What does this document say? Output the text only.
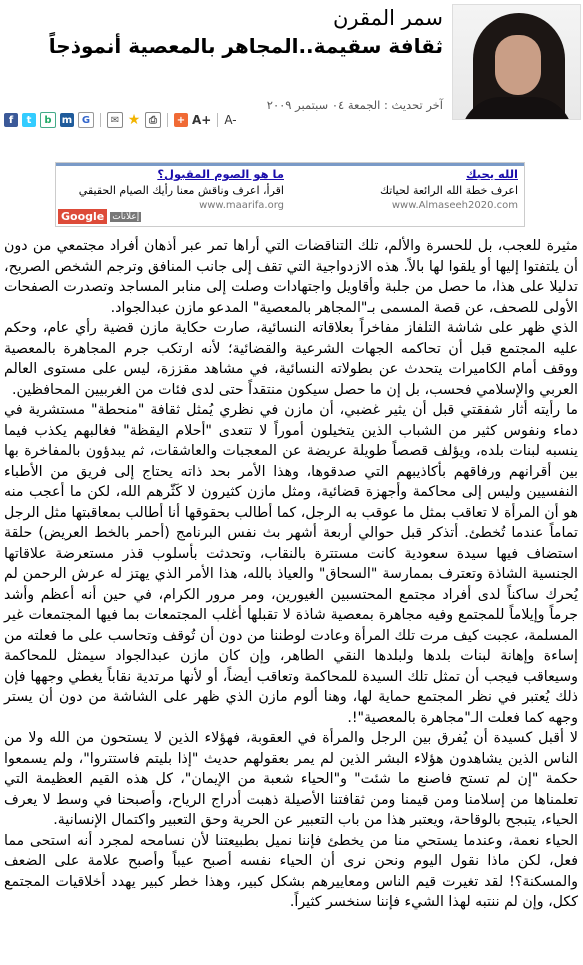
سمر المقرن
ثقافة سقيمة..المجاهر بالمعصية أنموذجاً
آخر تحديث : الجمعة ٠٤ سبتمبر ٢٠٠٩
f	t	b	m G	✉ ★ ⎙	+ A+ A-
الله يحبك
اعرف خطة الله الرائعة لحياتك
www.Almaseeh2020.com
ما هو الصوم المقبول؟
اقرأ، اعرف وناقش معنا رأيك الصيام الحقيقي
www.maarifa.org
Google إعلانات

مثيرة للعجب، بل للحسرة والألم، تلك التناقضات التي أراها تمر عبر أذهان أفراد مجتمعي من دون أن يلتفتوا إليها أو يلقوا لها بالاً. هذه الازدواجية التي تقف إلى جانب المنافق وترجم الشخص الصريح، تدليلا على هذا، ما حصل من جلبة وأقاويل واجتهادات وصلت إلى منابر المساجد وتصدرت الصفحات الأولى للصحف، عن قصة المسمى بـ"المجاهر بالمعصية" المدعو مازن عبدالجواد.

الذي ظهر على شاشة التلفاز مفاخراً بعلاقاته النسائية، صارت حكاية مازن قضية رأي عام، وحكم عليه المجتمع قبل أن تحاكمه الجهات الشرعية والقضائية؛ لأنه ارتكب جرم المجاهرة بالمعصية ووقف أمام الكاميرات يتحدث عن بطولاته النسائية، في مشاهد مقززة، ليس على مستوى العالم العربي والإسلامي فحسب، بل إن ما حصل سيكون منتقداً حتى لدى فئات من الغربيين المحافظين.

ما رأيته أثار شفقتي قبل أن يثير غضبي، أن مازن في نظري يُمثل ثقافة "منحطة" مستشرية في دماء ونفوس كثير من الشباب الذين يتخيلون أموراً لا تتعدى "أحلام اليقظة" فغالبهم يكذب فيما ينسبه لبنات بلده، ويؤلف قصصاً طويلة عريضة عن المعجبات والعاشقات، ثم يبدؤون بالمفاخرة بها بين أقرانهم ورفاقهم بأكاذيبهم التي صدقوها، وهذا الأمر بحد ذاته يحتاج إلى فريق من الأطباء النفسيين وليس إلى محاكمة وأجهزة قضائية، ومثل مازن كثيرون لا كَثّرهم الله، لكن ما أعجب منه هو أن المرأة لا تعاقب بمثل ما عوقب به الرجل، كما أطالب بحقوقها أنا أطالب بمعاقبتها مثل الرجل تماماً عندما تُخطئ. أتذكر قبل حوالي أربعة أشهر بث نفس البرنامج (أحمر بالخط العريض) حلقة استضاف فيها سيدة سعودية كانت مستترة بالنقاب، وتحدثت بأسلوب قذر مستعرضة علاقاتها الجنسية الشاذة وتعترف بممارسة "السحاق" والعياذ بالله، هذا الأمر الذي يهتز له عرش الرحمن لم يُحرك ساكناً لدى أفراد مجتمع المحتسبين الغيورين، ومر مرور الكرام، في حين أنه أعظم وأشد جرماً وإيلاماً للمجتمع وفيه مجاهرة بمعصية شاذة لا تقبلها أغلب المجتمعات بما فيها المجتمعات غير المسلمة، عجبت كيف مرت تلك المرأة وعادت لوطننا من دون أن تُوقف وتحاسب على ما فعلته من إساءة وإهانة لبنات بلدها ولبلدها النقي الطاهر، وإن كان مازن عبدالجواد سيمثل للمحاكمة وسيعاقب فيجب أن تمثل تلك السيدة للمحاكمة وتعاقب أيضاً، أو لأنها مرتدية نقاباً يغطي وجهها فإن ذلك يُعتبر في نظر المجتمع حماية لها، وهنا ألوم مازن الذي ظهر على الشاشة من دون أن يستر وجهه كما فعلت الـ"مجاهرة بالمعصية"!.

لا أقبل كسيدة أن يُفرق بين الرجل والمرأة في العقوبة، فهؤلاء الذين لا يستحون من الله ولا من الناس الذين يشاهدون هؤلاء البشر الذين لم يمر بعقولهم حديث "إذا بليتم فاستتروا"، ولم يسمعوا حكمة "إن لم تستح فاصنع ما شئت" و"الحياء شعبة من الإيمان"، كل هذه القيم العظيمة التي تعلمناها من إسلامنا ومن قيمنا ومن ثقافتنا الأصيلة ذهبت أدراج الرياح، وأصبحنا في وسط لا يعرف الحياء، يتبجح بالوقاحة، ويعتبر هذا من باب التعبير عن الحرية وحق التعبير واكتمال الإنسانية.

الحياء نعمة، وعندما يستحي منا من يخطئ فإننا نميل بطبيعتنا لأن نسامحه لمجرد أنه استحى مما فعل، لكن ماذا نقول اليوم ونحن نرى أن الحياء نفسه أصبح عيباً وأصبح علامة على الضعف والمسكنة؟! لقد تغيرت قيم الناس ومعاييرهم بشكل كبير، وهذا خطر كبير يهدد أخلاقيات المجتمع ككل، وإن لم ننتبه لهذا الشيء فإننا سنخسر كثيراً.
